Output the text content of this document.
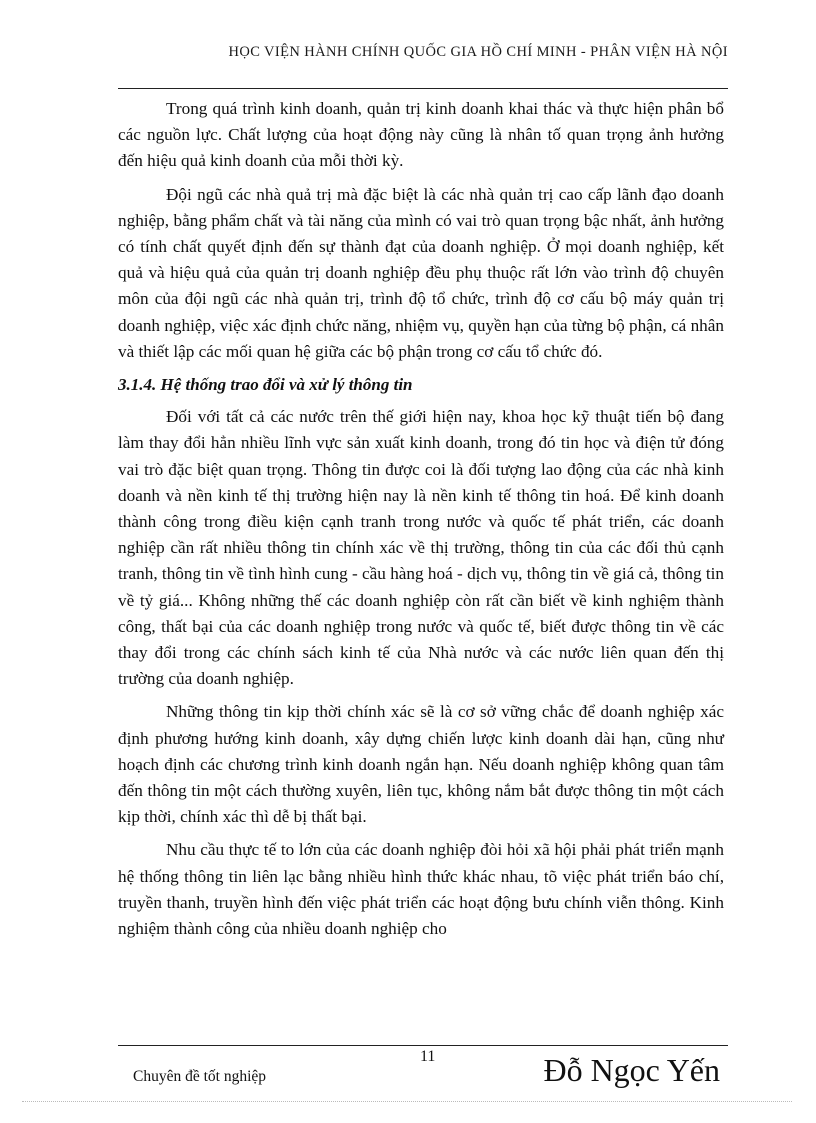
HỌC VIỆN HÀNH CHÍNH QUỐC GIA HỒ CHÍ MINH - PHÂN VIỆN HÀ NỘI

Trong quá trình kinh doanh, quản trị kinh doanh khai thác và thực hiện phân bổ các nguồn lực. Chất lượng của hoạt động này cũng là nhân tố quan trọng ảnh hưởng đến hiệu quả kinh doanh của mỗi thời kỳ.

Đội ngũ các nhà quả trị mà đặc biệt là các nhà quản trị cao cấp lãnh đạo doanh nghiệp, bằng phẩm chất và tài năng của mình có vai trò quan trọng bậc nhất, ảnh hưởng có tính chất quyết định đến sự thành đạt của doanh nghiệp. Ở mọi doanh nghiệp, kết quả và hiệu quả của quản trị doanh nghiệp đều phụ thuộc rất lớn vào trình độ chuyên môn của đội ngũ các nhà quản trị, trình độ tổ chức, trình độ cơ cấu bộ máy quản trị doanh nghiệp, việc xác định chức năng, nhiệm vụ, quyền hạn của từng bộ phận, cá nhân và thiết lập các mối quan hệ giữa các bộ phận trong cơ cấu tổ chức đó.

3.1.4. Hệ thống trao đổi và xử lý thông tin

Đối với tất cả các nước trên thế giới hiện nay, khoa học kỹ thuật tiến bộ đang làm thay đổi hẳn nhiều lĩnh vực sản xuất kinh doanh, trong đó tin học và điện tử đóng vai trò đặc biệt quan trọng. Thông tin được coi là đối tượng lao động của các nhà kinh doanh và nền kinh tế thị trường hiện nay là nền kinh tế thông tin hoá. Để kinh doanh thành công trong điều kiện cạnh tranh trong nước và quốc tế phát triển, các doanh nghiệp cần rất nhiều thông tin chính xác về thị trường, thông tin của các đối thủ cạnh tranh, thông tin về tình hình cung - cầu hàng hoá - dịch vụ, thông tin về giá cả, thông tin về tỷ giá... Không những thế các doanh nghiệp còn rất cần biết về kinh nghiệm thành công, thất bại của các doanh nghiệp trong nước và quốc tế, biết được thông tin về các thay đổi trong các chính sách kinh tế của Nhà nước và các nước liên quan đến thị trường của doanh nghiệp.

Những thông tin kịp thời chính xác sẽ là cơ sở vững chắc để doanh nghiệp xác định phương hướng kinh doanh, xây dựng chiến lược kinh doanh dài hạn, cũng như hoạch định các chương trình kinh doanh ngắn hạn. Nếu doanh nghiệp không quan tâm đến thông tin một cách thường xuyên, liên tục, không nắm bắt được thông tin một cách kịp thời, chính xác thì dễ bị thất bại.

Nhu cầu thực tế to lớn của các doanh nghiệp đòi hỏi xã hội phải phát triển mạnh hệ thống thông tin liên lạc bằng nhiều hình thức khác nhau, tõ việc phát triển báo chí, truyền thanh, truyền hình đến việc phát triển các hoạt động bưu chính viễn thông. Kinh nghiệm thành công của nhiều doanh nghiệp cho

11
Chuyên đề tốt nghiệp	Đỗ Ngọc Yến
